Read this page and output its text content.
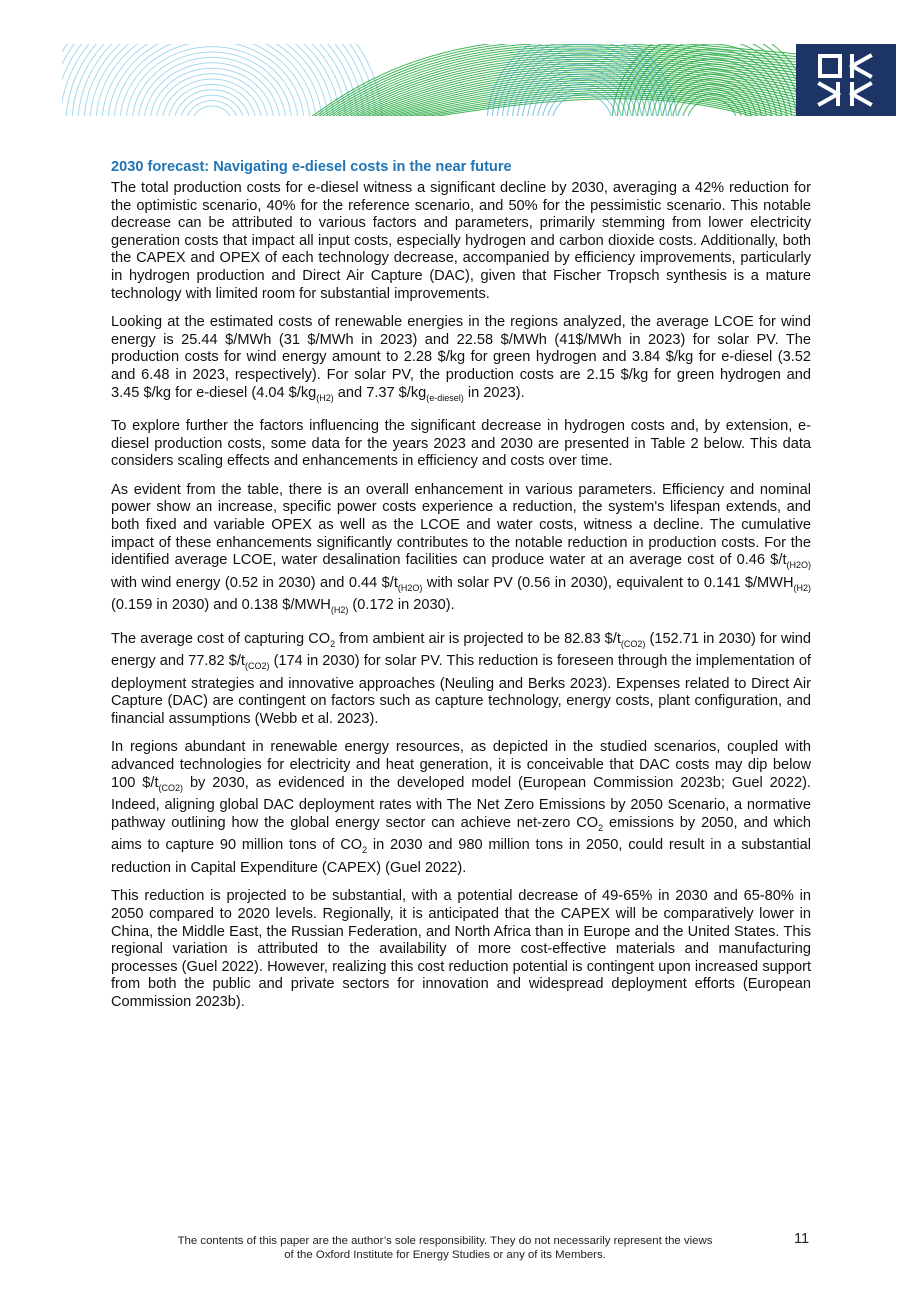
2030 forecast: Navigating e-diesel costs in the near future

The total production costs for e-diesel witness a significant decline by 2030, averaging a 42% reduction for the optimistic scenario, 40% for the reference scenario, and 50% for the pessimistic scenario. This notable decrease can be attributed to various factors and parameters, primarily stemming from lower electricity generation costs that impact all input costs, especially hydrogen and carbon dioxide costs. Additionally, both the CAPEX and OPEX of each technology decrease, accompanied by efficiency improvements, particularly in hydrogen production and Direct Air Capture (DAC), given that Fischer Tropsch synthesis is a mature technology with limited room for substantial improvements.

Looking at the estimated costs of renewable energies in the regions analyzed, the average LCOE for wind energy is 25.44 $/MWh (31 $/MWh in 2023) and 22.58 $/MWh (41$/MWh in 2023) for solar PV. The production costs for wind energy amount to 2.28 $/kg for green hydrogen and 3.84 $/kg for e-diesel (3.52 and 6.48 in 2023, respectively). For solar PV, the production costs are 2.15 $/kg for green hydrogen and 3.45 $/kg for e-diesel (4.04 $\$/kg_{(H2)}$ and 7.37 $\$/kg_{(e-diesel)}$ in 2023).

To explore further the factors influencing the significant decrease in hydrogen costs and, by extension, e-diesel production costs, some data for the years 2023 and 2030 are presented in Table 2 below. This data considers scaling effects and enhancements in efficiency and costs over time.

As evident from the table, there is an overall enhancement in various parameters. Efficiency and nominal power show an increase, specific power costs experience a reduction, the system's lifespan extends, and both fixed and variable OPEX as well as the LCOE and water costs, witness a decline. The cumulative impact of these enhancements significantly contributes to the notable reduction in production costs. For the identified average LCOE, water desalination facilities can produce water at an average cost of 0.46 $\$/t_{(H2O)}$ with wind energy (0.52 in 2030) and 0.44 $\$/t_{(H2O)}$ with solar PV (0.56 in 2030), equivalent to 0.141 $\$/MWH_{(H2)}$ (0.159 in 2030) and 0.138 $\$/MWH_{(H2)}$ (0.172 in 2030).

The average cost of capturing $CO_2$ from ambient air is projected to be 82.83 $\$/t_{(CO2)}$ (152.71 in 2030) for wind energy and 77.82 $\$/t_{(CO2)}$ (174 in 2030) for solar PV. This reduction is foreseen through the implementation of deployment strategies and innovative approaches (Neuling and Berks 2023). Expenses related to Direct Air Capture (DAC) are contingent on factors such as capture technology, energy costs, plant configuration, and financial assumptions (Webb et al. 2023).

In regions abundant in renewable energy resources, as depicted in the studied scenarios, coupled with advanced technologies for electricity and heat generation, it is conceivable that DAC costs may dip below 100 $\$/t_{(CO2)}$ by 2030, as evidenced in the developed model (European Commission 2023b; Guel 2022). Indeed, aligning global DAC deployment rates with The Net Zero Emissions by 2050 Scenario, a normative pathway outlining how the global energy sector can achieve net-zero $CO_2$ emissions by 2050, and which aims to capture 90 million tons of $CO_2$ in 2030 and 980 million tons in 2050, could result in a substantial reduction in Capital Expenditure (CAPEX) (Guel 2022).

This reduction is projected to be substantial, with a potential decrease of 49-65% in 2030 and 65-80% in 2050 compared to 2020 levels. Regionally, it is anticipated that the CAPEX will be comparatively lower in China, the Middle East, the Russian Federation, and North Africa than in Europe and the United States. This regional variation is attributed to the availability of more cost-effective materials and manufacturing processes (Guel 2022). However, realizing this cost reduction potential is contingent upon increased support from both the public and private sectors for innovation and widespread deployment efforts (European Commission 2023b).

The contents of this paper are the author’s sole responsibility. They do not necessarily represent the views
of the Oxford Institute for Energy Studies or any of its Members.
11
